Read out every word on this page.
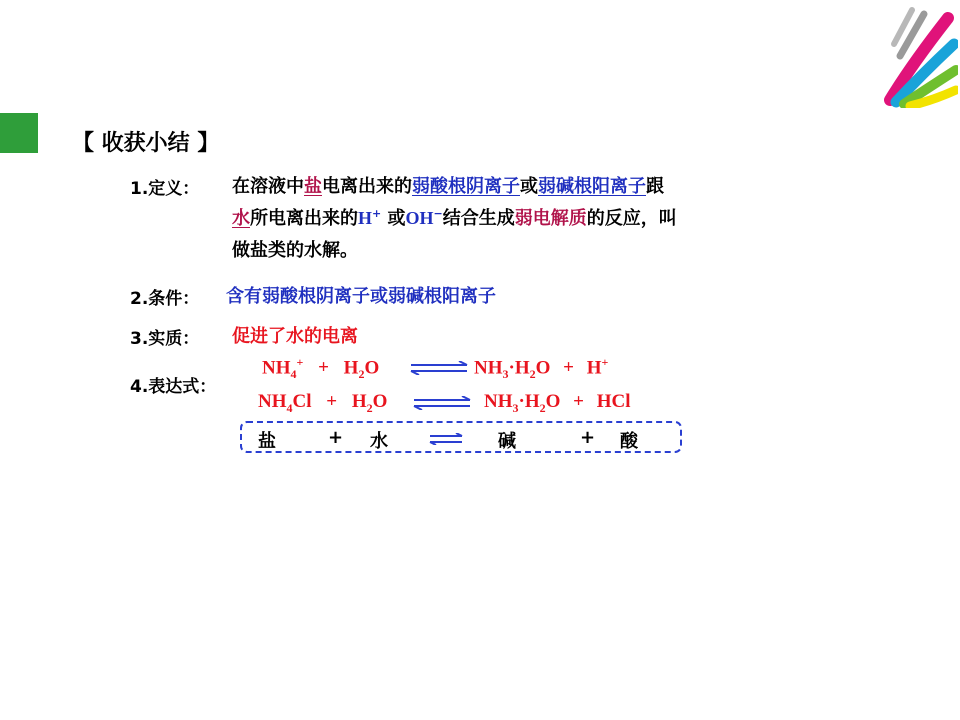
【 收获小结 】
1.定义： 在溶液中盐电离出来的弱酸根阴离子或弱碱根阳离子跟
水所电离出来的H+ 或OH−结合生成弱电解质的反应，叫
做盐类的水解。
2.条件： 含有弱酸根阴离子或弱碱根阳离子
3.实质： 促进了水的电离
4.表达式：
$NH_4^+ + H_2O$ ⇌ $NH_3\cdot H_2O + H^+$
$NH_4Cl + H_2O$ ⇌ $NH_3\cdot H_2O$ + HCl
盐	+ 水	碱	+ 酸
